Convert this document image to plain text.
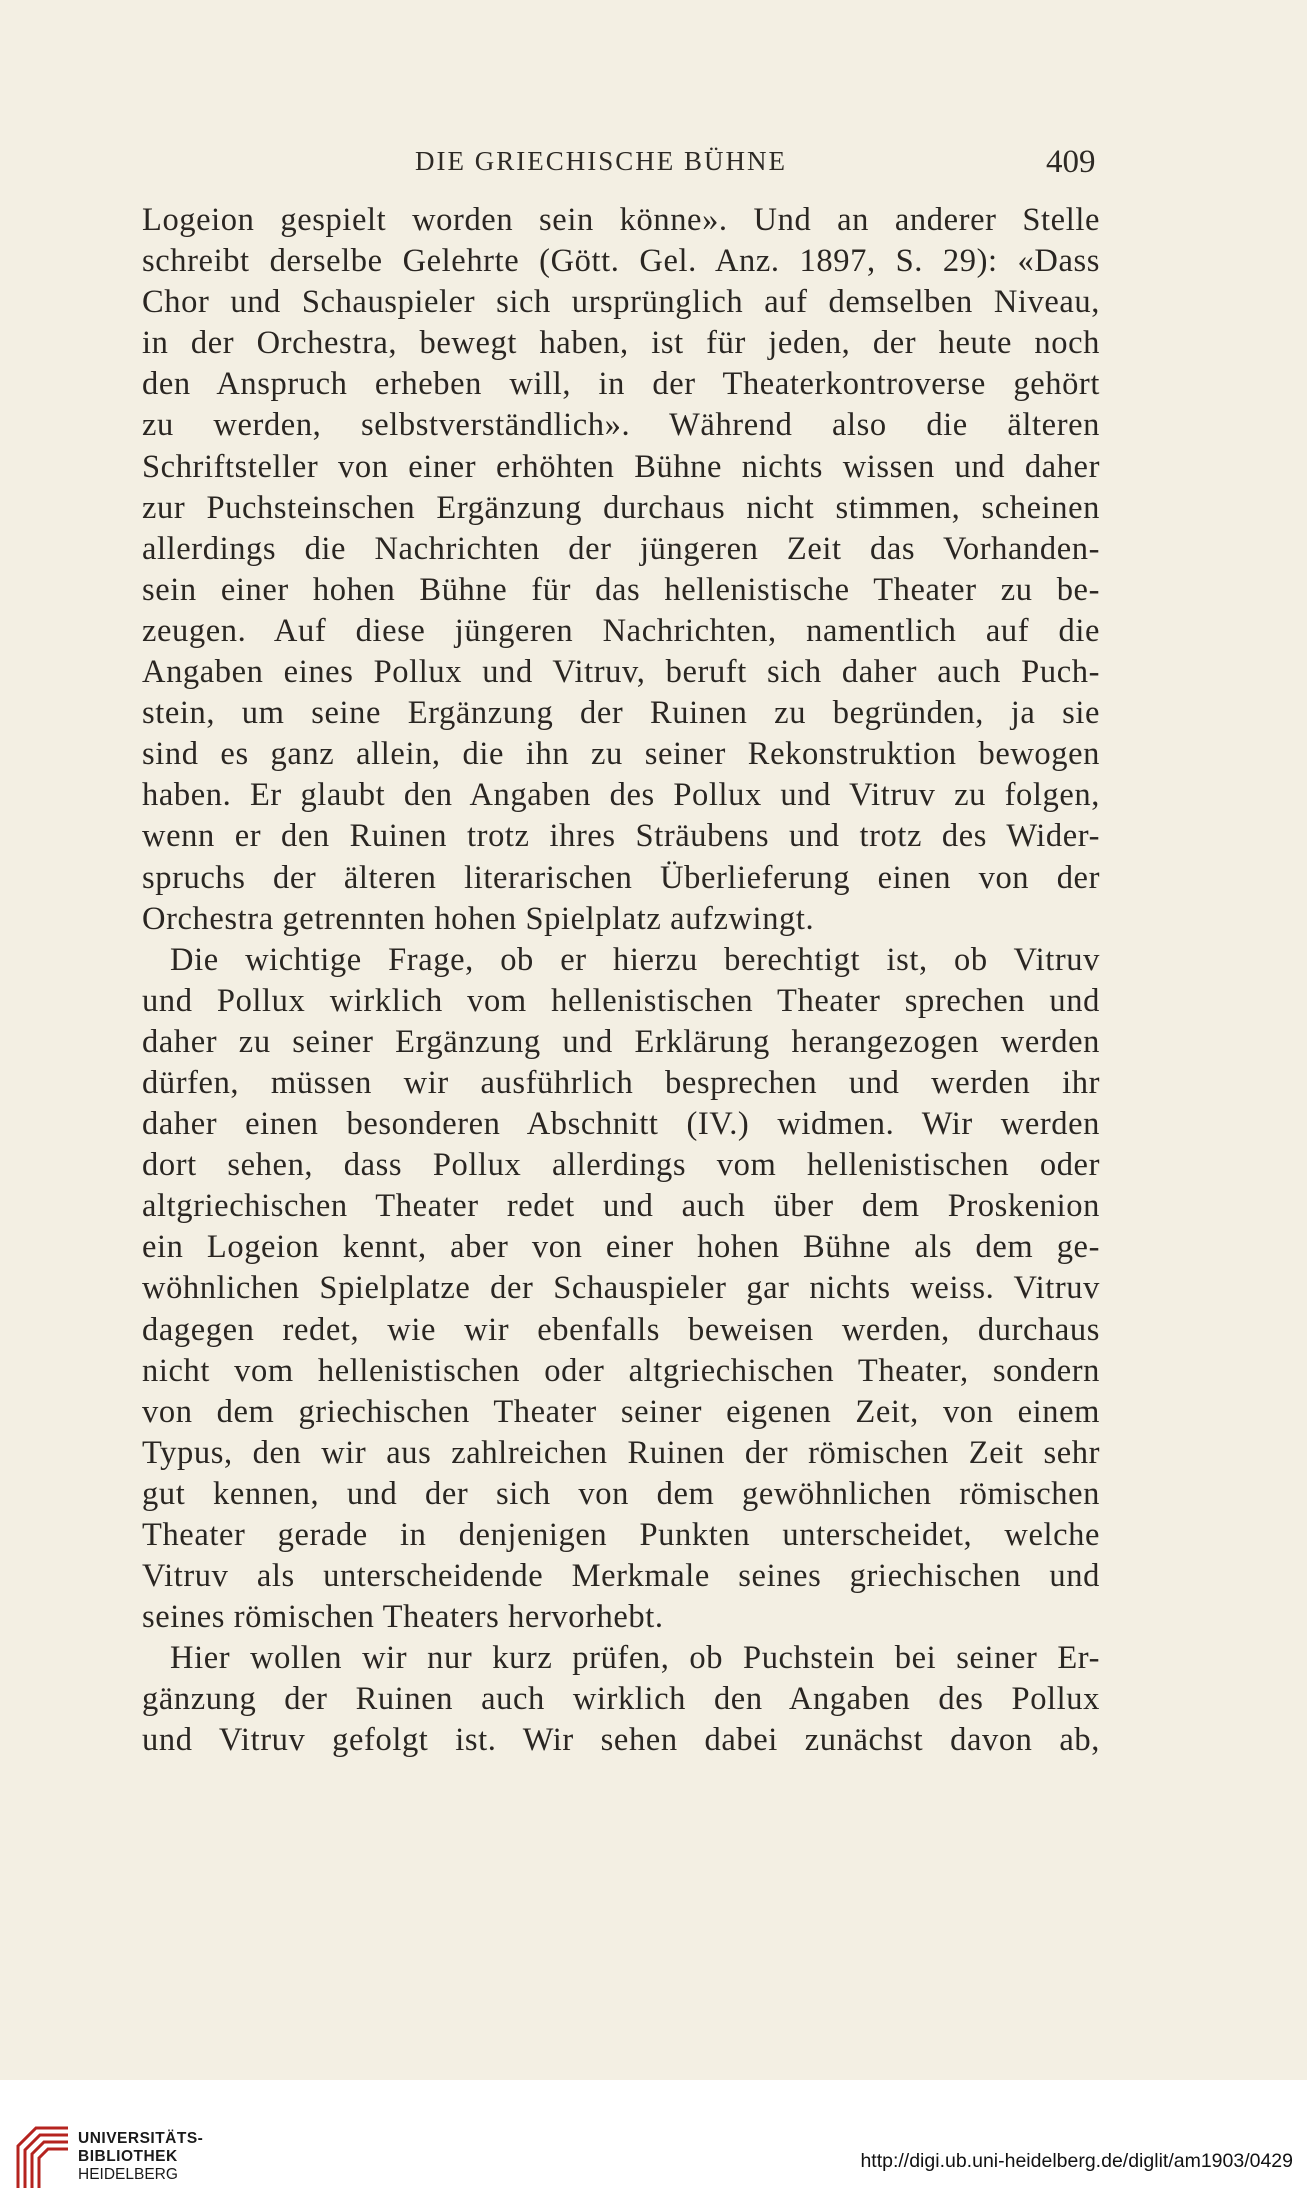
DIE GRIECHISCHE BÜHNE	409
Logeion gespielt worden sein könne». Und an anderer Stelle
schreibt derselbe Gelehrte (Gött. Gel. Anz. 1897, S. 29): «Dass
Chor und Schauspieler sich ursprünglich auf demselben Niveau,
in der Orchestra, bewegt haben, ist für jeden, der heute noch
den Anspruch erheben will, in der Theaterkontroverse gehört
zu werden, selbstverständlich». Während also die älteren
Schriftsteller von einer erhöhten Bühne nichts wissen und daher
zur Puchsteinschen Ergänzung durchaus nicht stimmen, scheinen
allerdings die Nachrichten der jüngeren Zeit das Vorhanden-
sein einer hohen Bühne für das hellenistische Theater zu be-
zeugen. Auf diese jüngeren Nachrichten, namentlich auf die
Angaben eines Pollux und Vitruv, beruft sich daher auch Puch-
stein, um seine Ergänzung der Ruinen zu begründen, ja sie
sind es ganz allein, die ihn zu seiner Rekonstruktion bewogen
haben. Er glaubt den Angaben des Pollux und Vitruv zu folgen,
wenn er den Ruinen trotz ihres Sträubens und trotz des Wider-
spruchs der älteren literarischen Überlieferung einen von der
Orchestra getrennten hohen Spielplatz aufzwingt.
Die wichtige Frage, ob er hierzu berechtigt ist, ob Vitruv
und Pollux wirklich vom hellenistischen Theater sprechen und
daher zu seiner Ergänzung und Erklärung herangezogen werden
dürfen, müssen wir ausführlich besprechen und werden ihr
daher einen besonderen Abschnitt (IV.) widmen. Wir werden
dort sehen, dass Pollux allerdings vom hellenistischen oder
altgriechischen Theater redet und auch über dem Proskenion
ein Logeion kennt, aber von einer hohen Bühne als dem ge-
wöhnlichen Spielplatze der Schauspieler gar nichts weiss. Vitruv
dagegen redet, wie wir ebenfalls beweisen werden, durchaus
nicht vom hellenistischen oder altgriechischen Theater, sondern
von dem griechischen Theater seiner eigenen Zeit, von einem
Typus, den wir aus zahlreichen Ruinen der römischen Zeit sehr
gut kennen, und der sich von dem gewöhnlichen römischen
Theater gerade in denjenigen Punkten unterscheidet, welche
Vitruv als unterscheidende Merkmale seines griechischen und
seines römischen Theaters hervorhebt.
Hier wollen wir nur kurz prüfen, ob Puchstein bei seiner Er-
gänzung der Ruinen auch wirklich den Angaben des Pollux
und Vitruv gefolgt ist. Wir sehen dabei zunächst davon ab,
UNIVERSITÄTS-
BIBLIOTHEK
HEIDELBERG
http://digi.ub.uni-heidelberg.de/diglit/am1903/0429
